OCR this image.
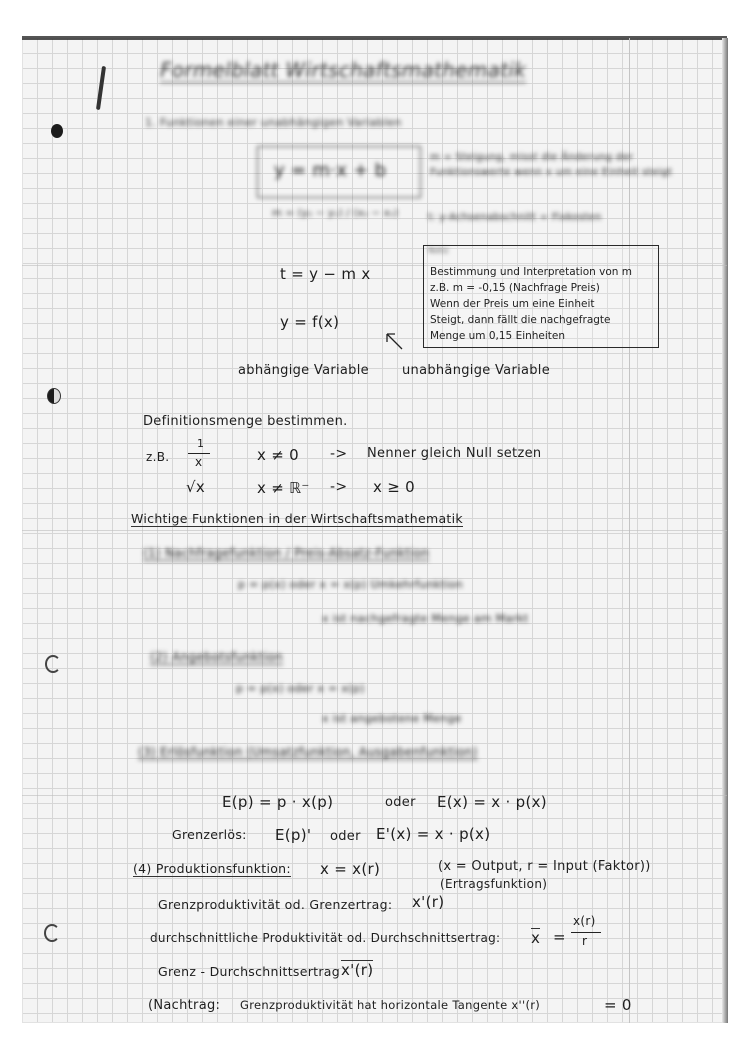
Formelblatt Wirtschaftsmathematik
1. Funktionen einer unabhängigen Variablen
y = m·x + b
m = Steigung, misst die Änderung der Funktionswerte wenn x um eine Einheit steigt
m = (y₂ − y₁) / (x₂ − x₁)	t: y-Achsenabschnitt = Fixkosten
Notiz
Bestimmung und Interpretation von m
z.B. m = -0,15 (Nachfrage Preis)
Wenn der Preis um eine Einheit
Steigt, dann fällt die nachgefragte
Menge um 0,15 Einheiten
t = y − m x
y = f(x)
abhängige Variable	unabhängige Variable
Definitionsmenge bestimmen.
z.B.
1
x	x ≠ 0 -> Nenner gleich Null setzen
√x	x ≠ ℝ⁻ -> x ≥ 0
Wichtige Funktionen in der Wirtschaftsmathematik
(1) Nachfragefunktion / Preis-Absatz-Funktion
p = p(x) oder x = x(p) Umkehrfunktion
x ist nachgefragte Menge am Markt
(2) Angebotsfunktion
p = p(x) oder x = x(p)
x ist angebotene Menge
(3) Erlösfunktion (Umsatzfunktion, Ausgabenfunktion)
E(p) = p · x(p)	oder E(x) = x · p(x)
Grenzerlös: E(p)' oder E'(x) = x · p(x)
(4) Produktionsfunktion: x = x(r)	(x = Output, r = Input (Faktor))
(Ertragsfunktion)
Grenzproduktivität od. Grenzertrag: x'(r)
durchschnittliche Produktivität od. Durchschnittsertrag: x =
x(r)
r
Grenz - Durchschnittsertrag x'(r)
(Nachtrag: Grenzproduktivität hat horizontale Tangente x''(r)	= 0
